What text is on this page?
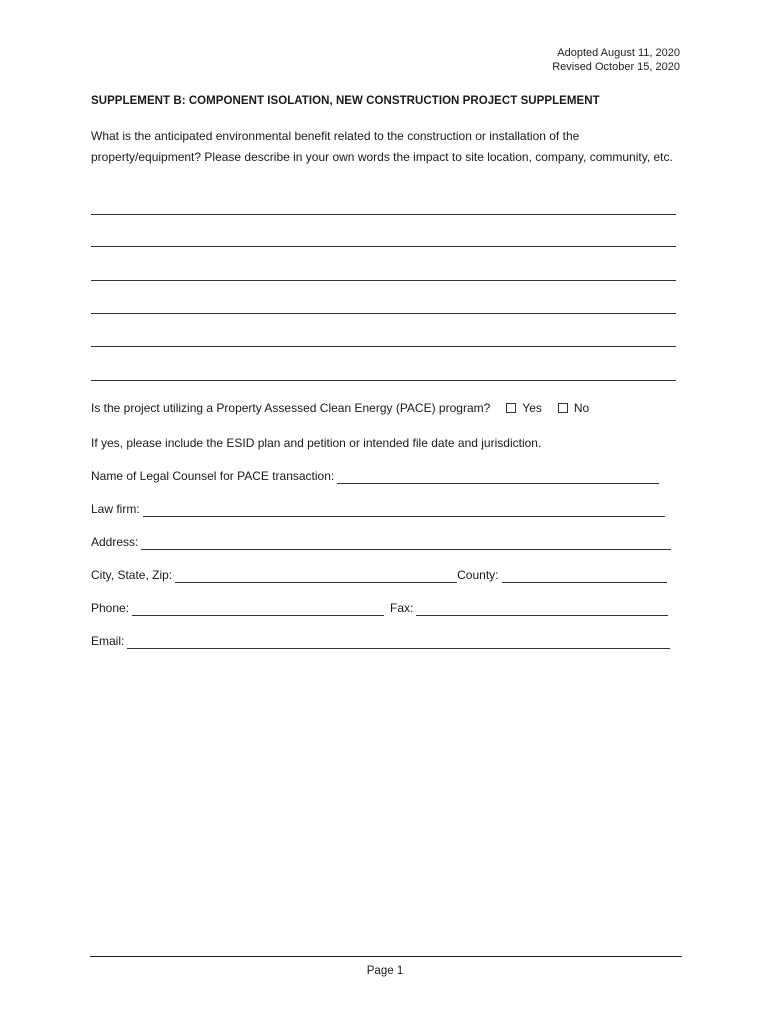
Adopted August 11, 2020
Revised October 15, 2020
SUPPLEMENT B: COMPONENT ISOLATION, NEW CONSTRUCTION PROJECT SUPPLEMENT
What is the anticipated environmental benefit related to the construction or installation of the property/equipment? Please describe in your own words the impact to site location, company, community, etc.
Is the project utilizing a Property Assessed Clean Energy (PACE) program?	Yes	No
If yes, please include the ESID plan and petition or intended file date and jurisdiction.
Name of Legal Counsel for PACE transaction:
Law firm:
Address:
City, State, Zip:	County:
Phone:	Fax:
Email:
Page 1
